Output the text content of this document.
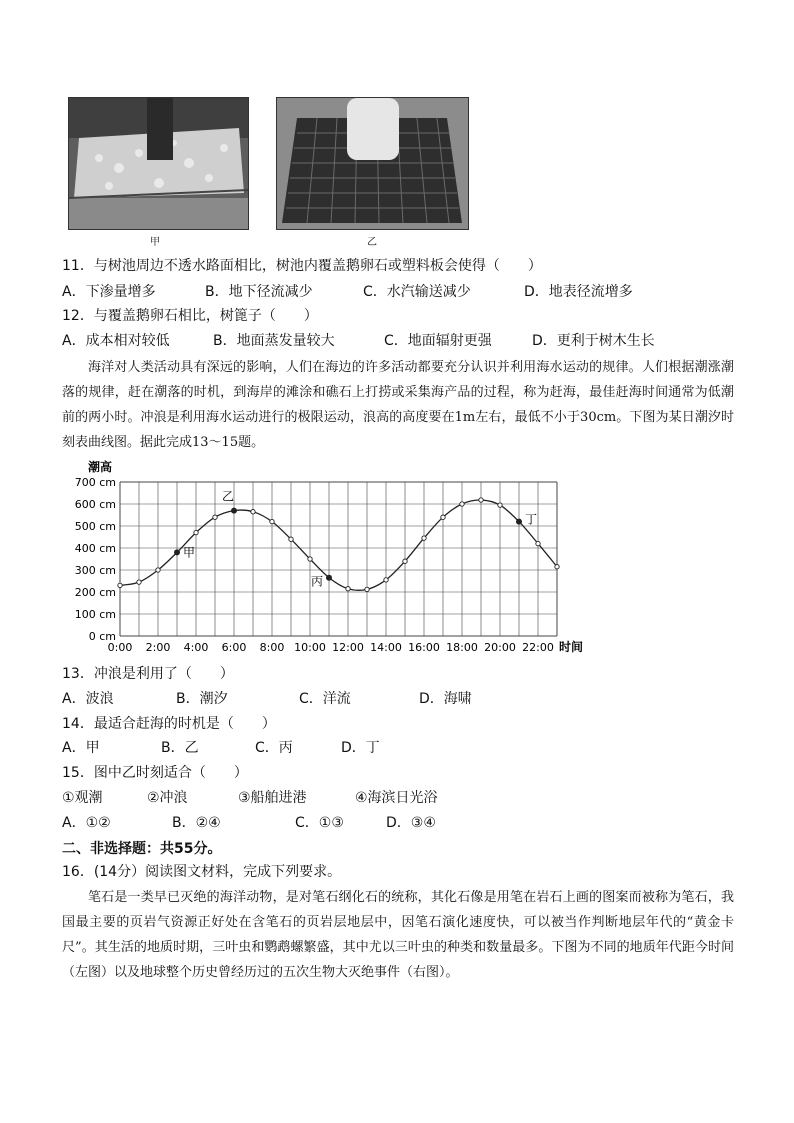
甲	乙
11．与树池周边不透水路面相比，树池内覆盖鹅卵石或塑料板会使得（　　）
A．下渗量增多	B．地下径流减少	C．水汽输送减少	D．地表径流增多
12．与覆盖鹅卵石相比，树篦子（　　）
A．成本相对较低	B．地面蒸发量较大	C．地面辐射更强	D．更利于树木生长
海洋对人类活动具有深远的影响，人们在海边的许多活动都要充分认识并利用海水运动的规律。人们根据潮涨潮落的规律，赶在潮落的时机，到海岸的滩涂和礁石上打捞或采集海产品的过程，称为赶海，最佳赶海时间通常为低潮前的两小时。冲浪是利用海水运动进行的极限运动，浪高的高度要在1m左右，最低不小于30cm。下图为某日潮汐时刻表曲线图。据此完成13～15题。
潮高
0 cm
100 cm
200 cm
300 cm
400 cm
500 cm
600 cm
700 cm
0:00 2:00 4:00 6:00 8:00 10:00 12:00 14:00 16:00 18:00 20:00 22:00
甲
乙
丙
丁
时间
13．冲浪是利用了（　　）
A．波浪	B．潮汐	C．洋流	D．海啸
14．最适合赶海的时机是（　　）
A．甲	B．乙	C．丙	D．丁
15．图中乙时刻适合（　　）
①观潮	②冲浪	③船舶进港	④海滨日光浴
A．①②	B．②④	C．①③	D．③④
二、非选择题：共55分。
16．(14分）阅读图文材料，完成下列要求。
笔石是一类早已灭绝的海洋动物，是对笔石纲化石的统称，其化石像是用笔在岩石上画的图案而被称为笔石，我国最主要的页岩气资源正好处在含笔石的页岩层地层中，因笔石演化速度快，可以被当作判断地层年代的“黄金卡尺”。其生活的地质时期，三叶虫和鹦鹉螺繁盛，其中尤以三叶虫的种类和数量最多。下图为不同的地质年代距今时间（左图）以及地球整个历史曾经历过的五次生物大灭绝事件（右图）。
